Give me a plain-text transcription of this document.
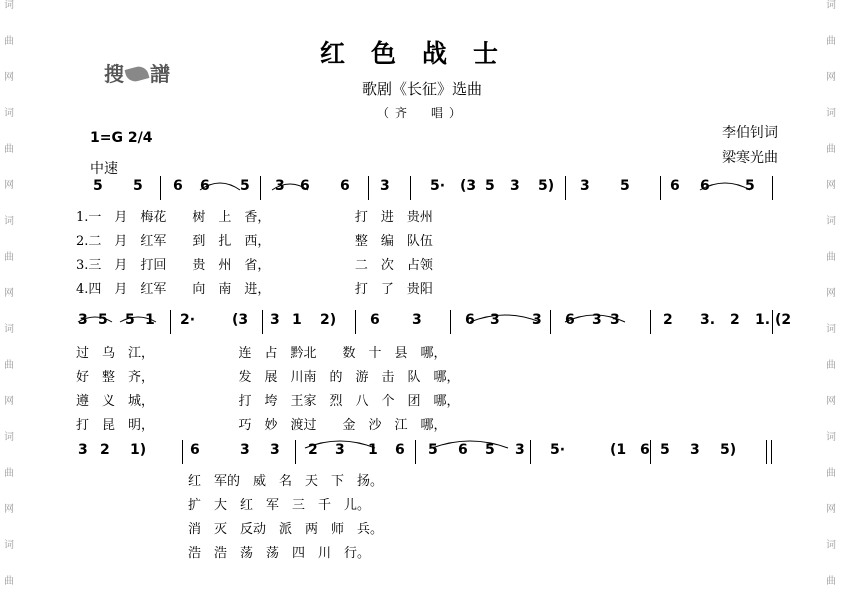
词
曲
网
词
曲
网
词
曲
网
词
曲
网
词
曲
网
词
曲
词
曲
网
词
曲
网
词
曲
网
词
曲
网
词
曲
网
词
曲
搜 譜
红色战士
歌剧《长征》选曲
（齐　唱）
李伯钊词
梁寒光曲
1=G 2/4
中速
5 5 6 6 5 3 6 6 3	5· (3 5 3 5) 3 5	6 6	5
1.一　月　梅花　　树　上　香，　　　　　　　打　进　贵州
2.二　月　红军　　到　扎　西，　　　　　　　整　编　队伍
3.三　月　打回　　贵　州　省，　　　　　　　二　次　占领
4.四　月　红军　　向　南　进，　　　　　　　打　了　贵阳
3 5 5 1 2·	(3 3 1 2) 6 3	6 3 3 6 3 3	2 3. 2 1. (2
过　乌　江，　　　　　　　连　占　黔北　　数　十　县　哪，
好　整　齐，　　　　　　　发　展　川南　的　游　击　队　哪，
遵　义　城，　　　　　　　打　垮　王家　烈　八　个　团　哪，
打　昆　明，　　　　　　　巧　妙　渡过　　金　沙　江　哪，
3 2 1)	6	3 3 2 3 1 6 5 6 5 3 5·	(1 6 5 3 5)
红　军的　威　名　天　下　扬。
扩　大　红　军　三　千　儿。
消　灭　反动　派　两　师　兵。
浩　浩　荡　荡　四　川　行。
